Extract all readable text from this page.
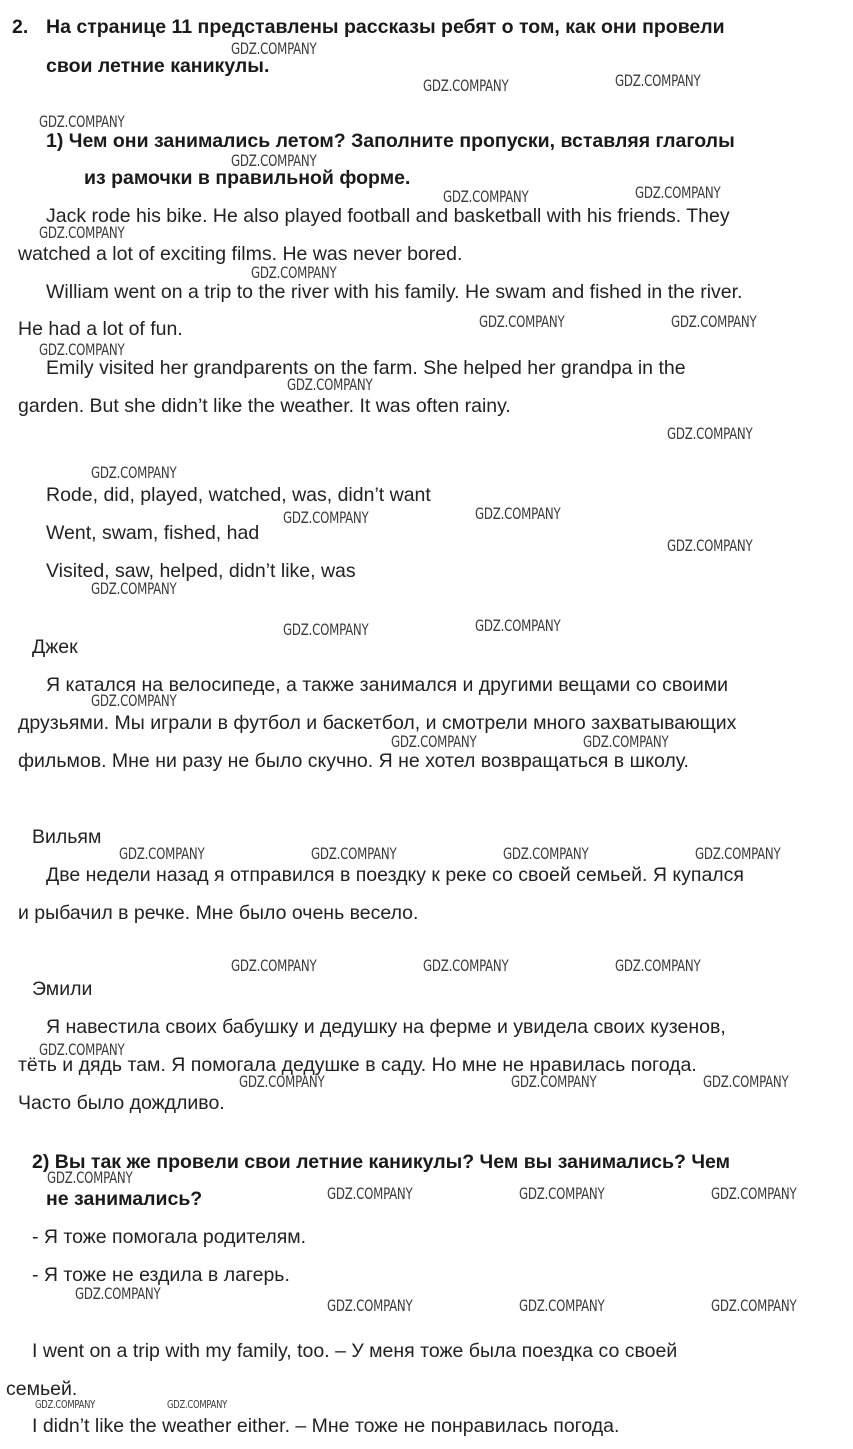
2. На странице 11 представлены рассказы ребят о том, как они провели
свои летние каникулы.
1) Чем они занимались летом? Заполните пропуски, вставляя глаголы
из рамочки в правильной форме.
Jack rode his bike. He also played football and basketball with his friends. They
watched a lot of exciting films. He was never bored.
William went on a trip to the river with his family. He swam and fished in the river.
He had a lot of fun.
Emily visited her grandparents on the farm. She helped her grandpa in the
garden. But she didn’t like the weather. It was often rainy.
Rode, did, played, watched, was, didn’t want
Went, swam, fished, had
Visited, saw, helped, didn’t like, was
Джек
Я катался на велосипеде, а также занимался и другими вещами со своими
друзьями. Мы играли в футбол и баскетбол, и смотрели много захватывающих
фильмов. Мне ни разу не было скучно. Я не хотел возвращаться в школу.
Вильям
Две недели назад я отправился в поездку к реке со своей семьей. Я купался
и рыбачил в речке. Мне было очень весело.
Эмили
Я навестила своих бабушку и дедушку на ферме и увидела своих кузенов,
тёть и дядь там. Я помогала дедушке в саду. Но мне не нравилась погода.
Часто было дождливо.
2) Вы так же провели свои летние каникулы? Чем вы занимались? Чем
не занимались?
- Я тоже помогала родителям.
- Я тоже не ездила в лагерь.
I went on a trip with my family, too. – У меня тоже была поездка со своей
семьей.
I didn’t like the weather either. – Мне тоже не понравилась погода.
GDZ.COMPANY
GDZ.COMPANY	GDZ.COMPANY
GDZ.COMPANY
GDZ.COMPANY
GDZ.COMPANY	GDZ.COMPANY
GDZ.COMPANY
GDZ.COMPANY
GDZ.COMPANY	GDZ.COMPANY
GDZ.COMPANY
GDZ.COMPANY
GDZ.COMPANY
GDZ.COMPANY
GDZ.COMPANY	GDZ.COMPANY
GDZ.COMPANY
GDZ.COMPANY
GDZ.COMPANY	GDZ.COMPANY
GDZ.COMPANY
GDZ.COMPANY	GDZ.COMPANY
GDZ.COMPANY	GDZ.COMPANY	GDZ.COMPANY	GDZ.COMPANY
GDZ.COMPANY	GDZ.COMPANY	GDZ.COMPANY
GDZ.COMPANY
GDZ.COMPANY	GDZ.COMPANY	GDZ.COMPANY
GDZ.COMPANY
GDZ.COMPANY	GDZ.COMPANY	GDZ.COMPANY
GDZ.COMPANY
GDZ.COMPANY	GDZ.COMPANY	GDZ.COMPANY
GDZ.COMPANY	GDZ.COMPANY
